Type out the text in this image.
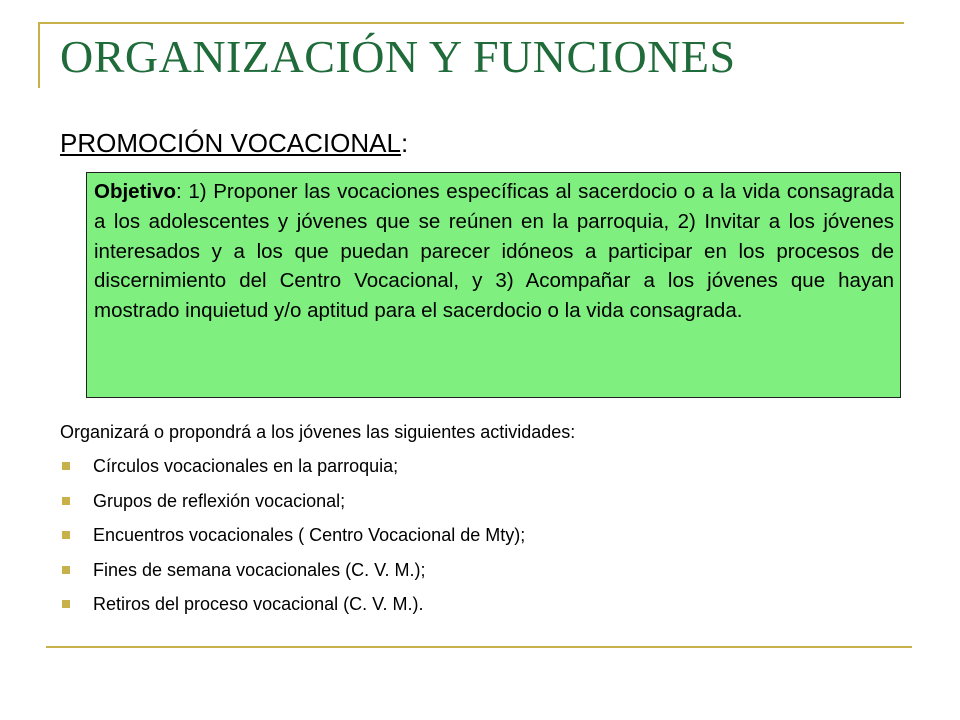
ORGANIZACIÓN Y FUNCIONES
PROMOCIÓN VOCACIONAL:
Objetivo: 1) Proponer las vocaciones específicas al sacerdocio o a la vida consagrada a los adolescentes y jóvenes que se reúnen en la parroquia, 2) Invitar a los jóvenes interesados y a los que puedan parecer idóneos a participar en los procesos de discernimiento del Centro Vocacional, y 3) Acompañar a los jóvenes que hayan mostrado inquietud y/o aptitud para el sacerdocio o la vida consagrada.
Organizará o propondrá a los jóvenes las siguientes actividades:
Círculos vocacionales en la parroquia;
Grupos de reflexión vocacional;
Encuentros vocacionales ( Centro Vocacional de Mty);
Fines de semana vocacionales (C. V. M.);
Retiros del proceso vocacional (C. V. M.).
